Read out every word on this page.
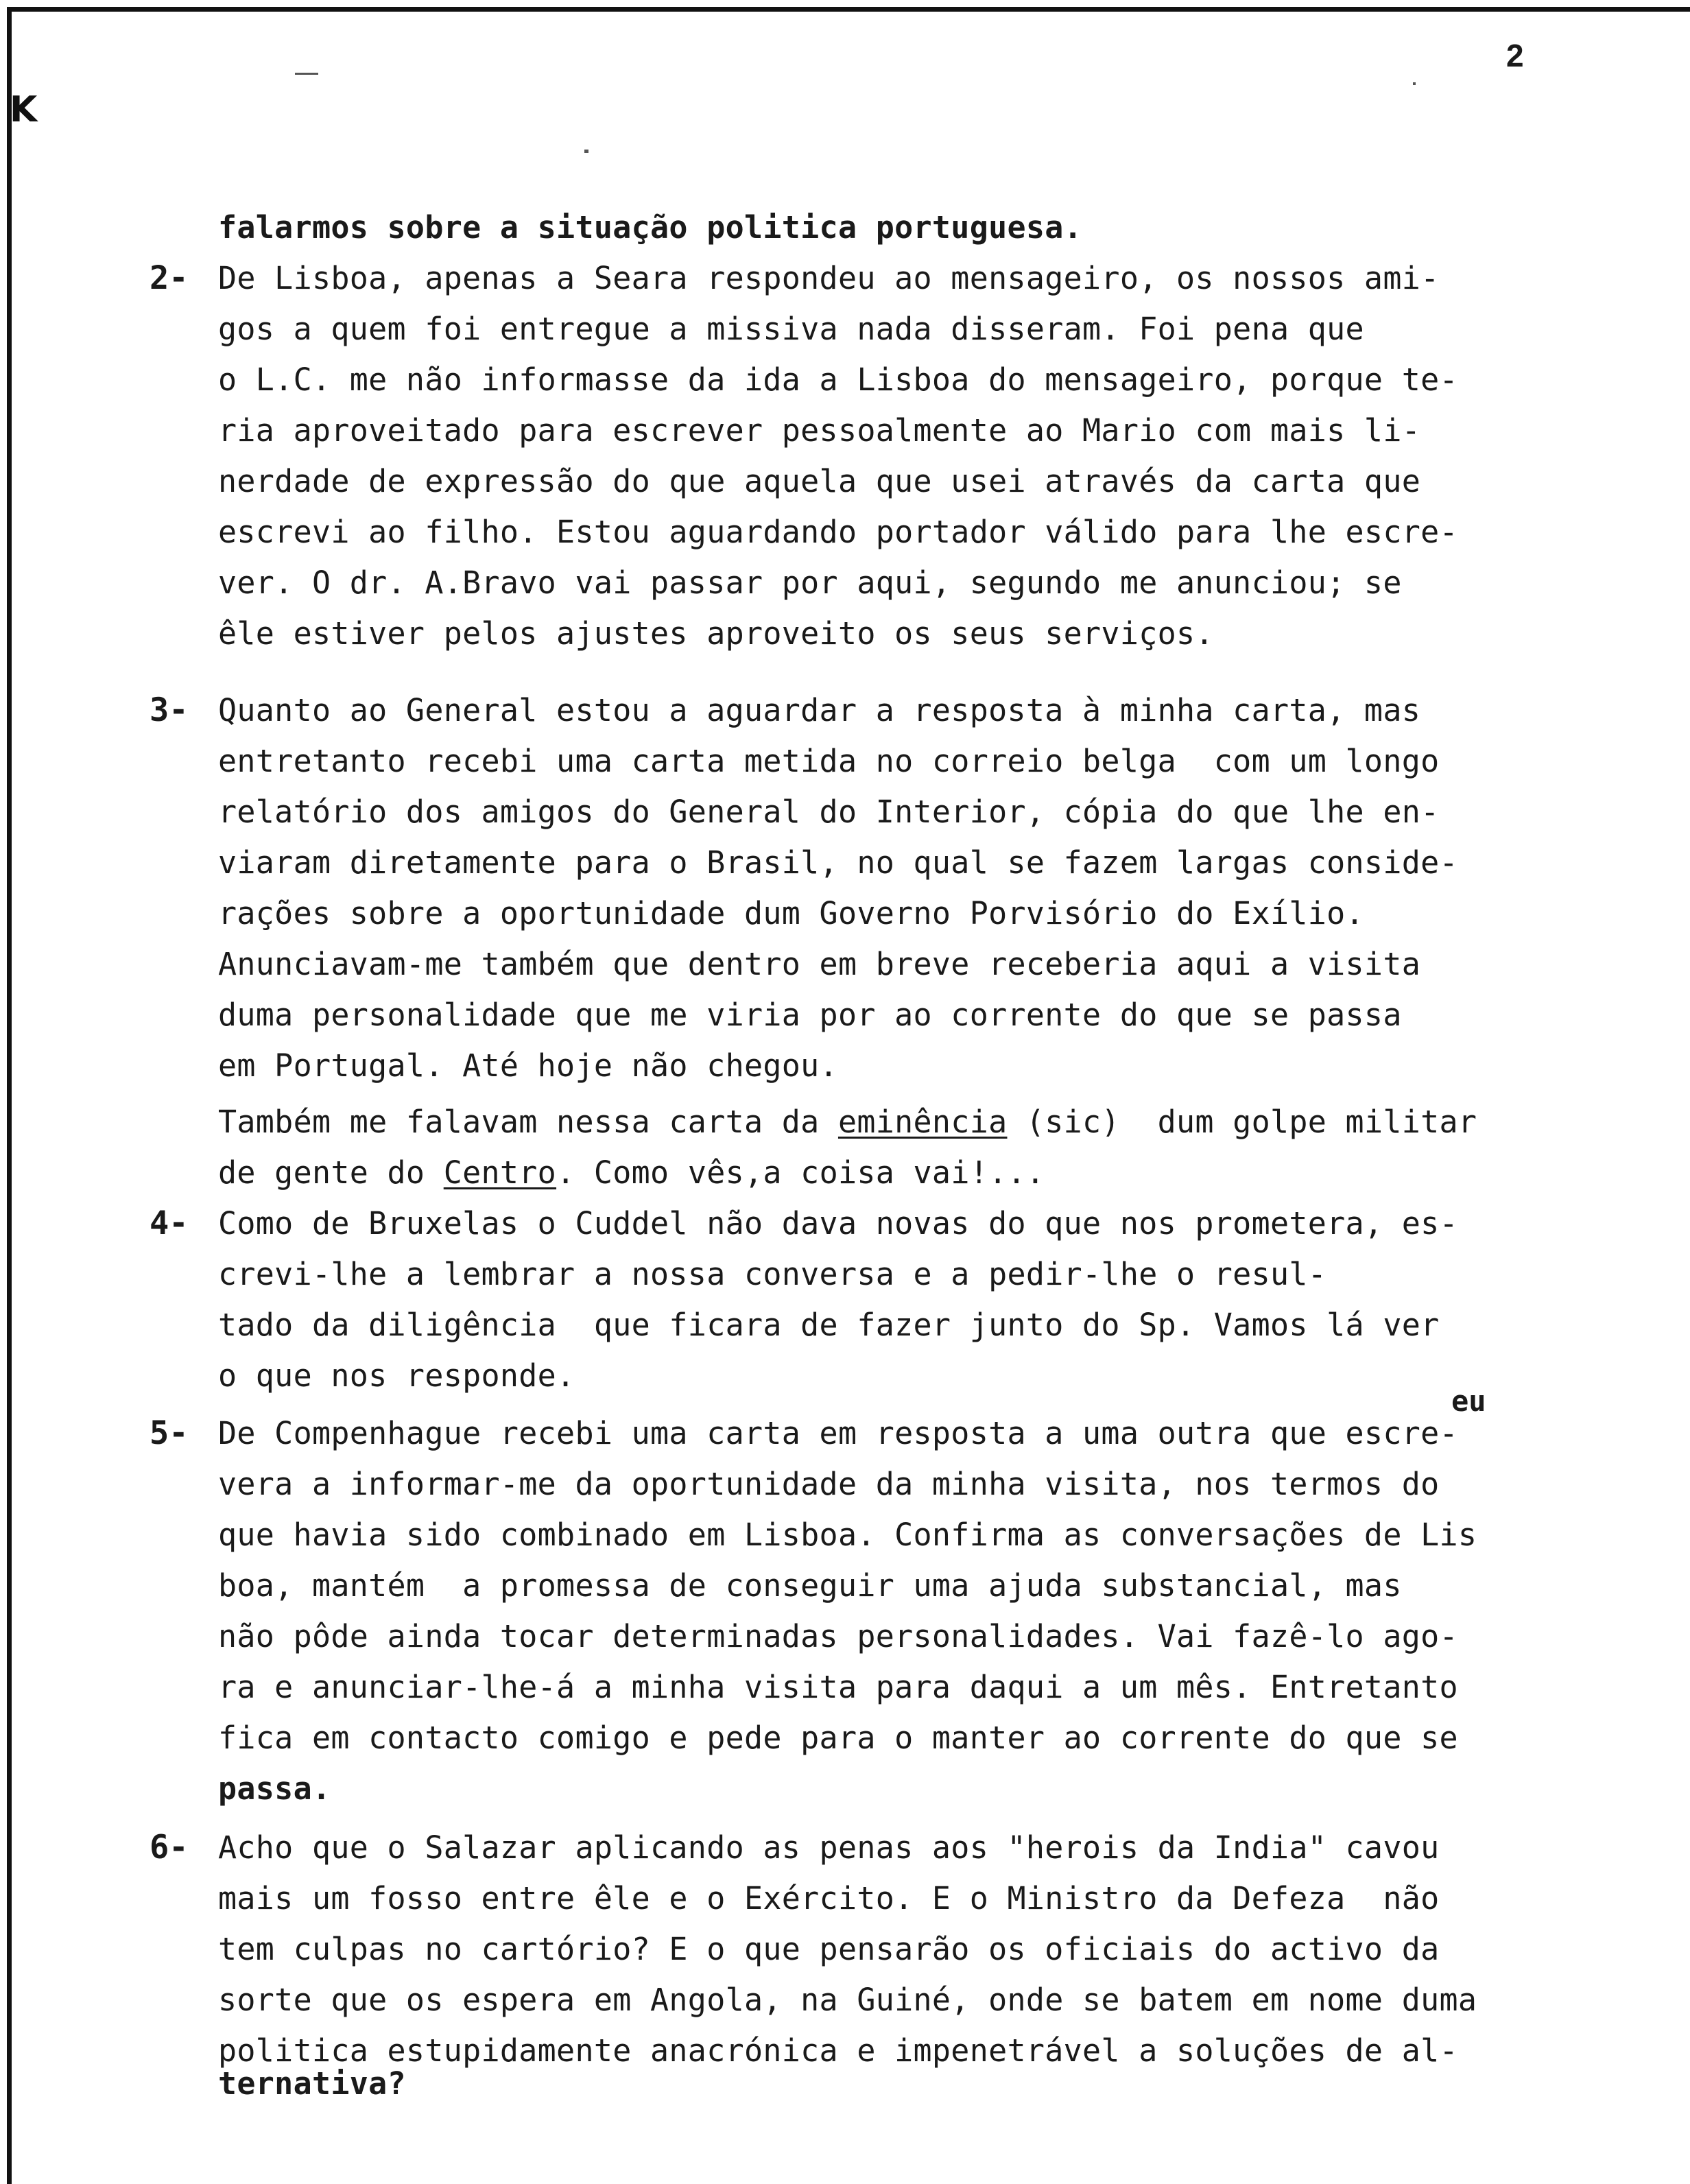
K
2
falarmos sobre a situação politica portuguesa.
2- De Lisboa, apenas a Seara respondeu ao mensageiro, os nossos ami-
gos a quem foi entregue a missiva nada disseram. Foi pena que
o L.C. me não informasse da ida a Lisboa do mensageiro, porque te-
ria aproveitado para escrever pessoalmente ao Mario com mais li-
nerdade de expressão do que aquela que usei através da carta que
escrevi ao filho. Estou aguardando portador válido para lhe escre-
ver. O dr. A.Bravo vai passar por aqui, segundo me anunciou; se
êle estiver pelos ajustes aproveito os seus serviços.
3- Quanto ao General estou a aguardar a resposta à minha carta, mas
entretanto recebi uma carta metida no correio belga  com um longo
relatório dos amigos do General do Interior, cópia do que lhe en-
viaram diretamente para o Brasil, no qual se fazem largas conside-
rações sobre a oportunidade dum Governo Porvisório do Exílio.
Anunciavam-me também que dentro em breve receberia aqui a visita
duma personalidade que me viria por ao corrente do que se passa
em Portugal. Até hoje não chegou.
Também me falavam nessa carta da eminência (sic)  dum golpe militar
de gente do Centro. Como vês,a coisa vai!...
4- Como de Bruxelas o Cuddel não dava novas do que nos prometera, es-
crevi-lhe a lembrar a nossa conversa e a pedir-lhe o resul-
tado da diligência  que ficara de fazer junto do Sp. Vamos lá ver
o que nos responde.
eu
5- De Compenhague recebi uma carta em resposta a uma outra que escre-
vera a informar-me da oportunidade da minha visita, nos termos do
que havia sido combinado em Lisboa. Confirma as conversações de Lis
boa, mantém  a promessa de conseguir uma ajuda substancial, mas
não pôde ainda tocar determinadas personalidades. Vai fazê-lo ago-
ra e anunciar-lhe-á a minha visita para daqui a um mês. Entretanto
fica em contacto comigo e pede para o manter ao corrente do que se
passa.
6- Acho que o Salazar aplicando as penas aos "herois da India" cavou
mais um fosso entre êle e o Exército. E o Ministro da Defeza  não
tem culpas no cartório? E o que pensarão os oficiais do activo da
sorte que os espera em Angola, na Guiné, onde se batem em nome duma
politica estupidamente anacrónica e impenetrável a soluções de al-
ternativa?
